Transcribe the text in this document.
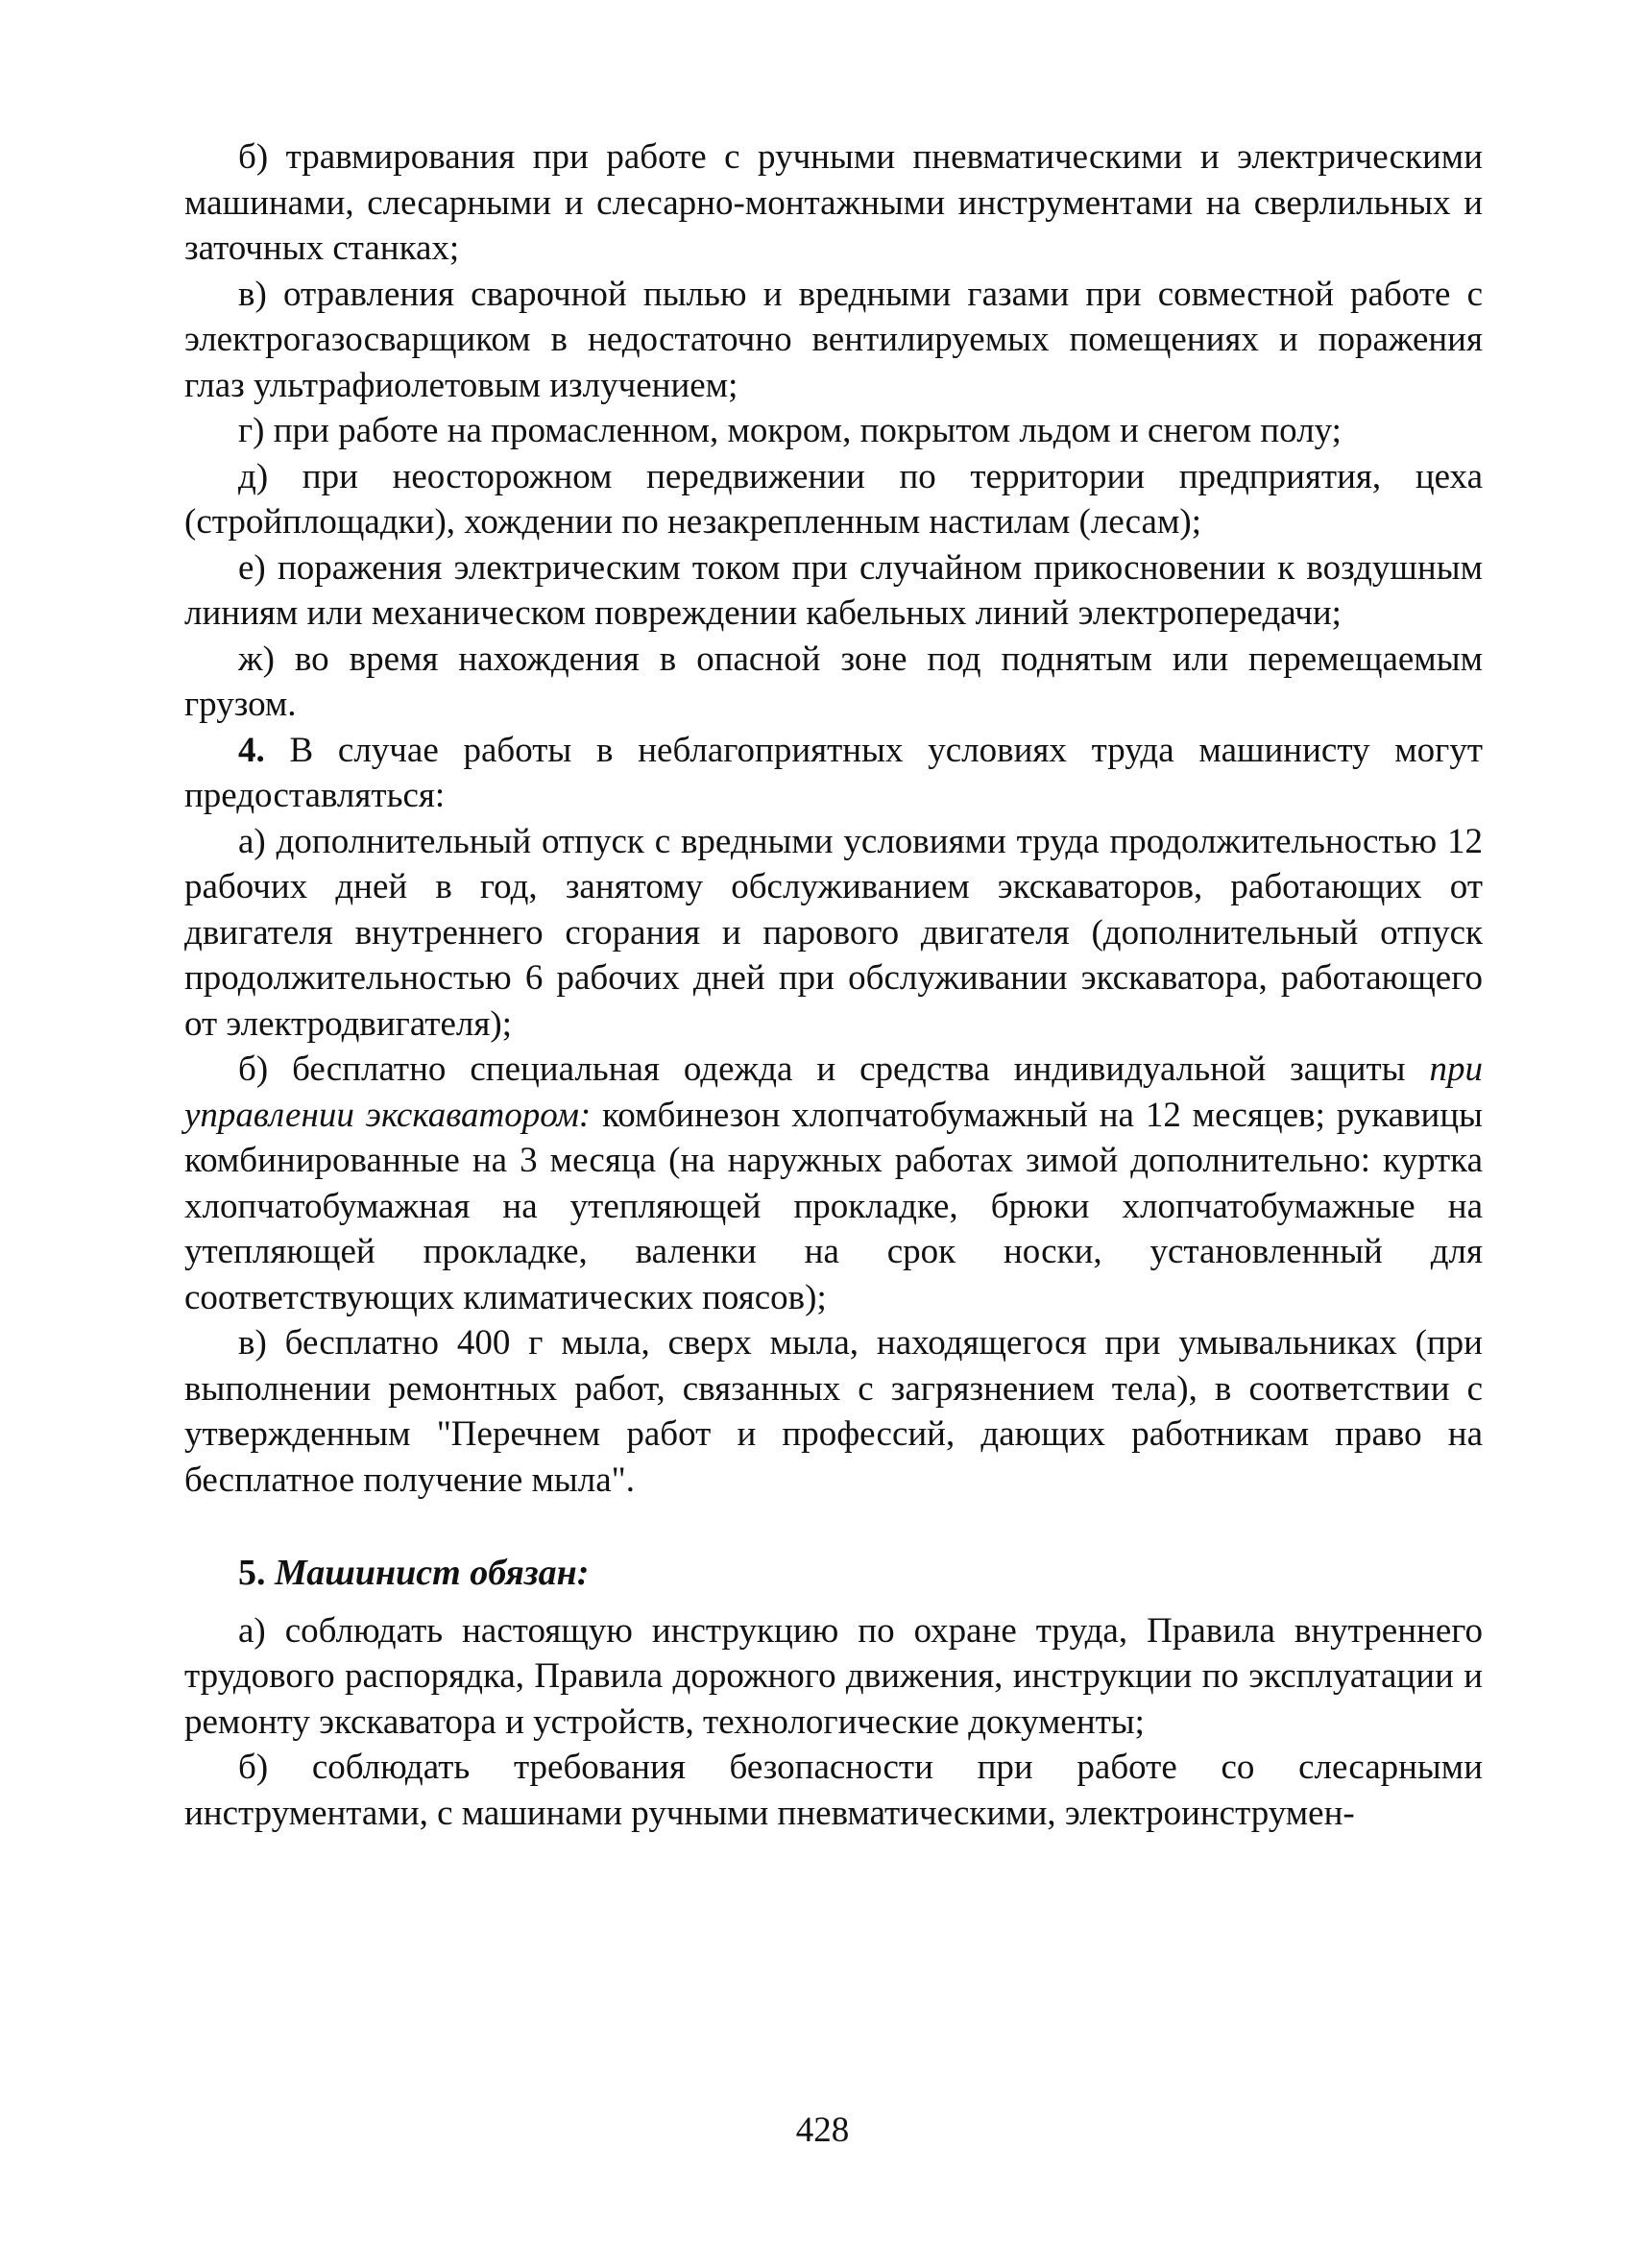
б) травмирования при работе с ручными пневматическими и электрическими машинами, слесарными и слесарно-монтажными инструментами на сверлильных и заточных станках;

в) отравления сварочной пылью и вредными газами при совместной работе с электрогазосварщиком в недостаточно вентилируемых помещениях и поражения глаз ультрафиолетовым излучением;

г) при работе на промасленном, мокром, покрытом льдом и снегом полу;

д) при неосторожном передвижении по территории предприятия, цеха (стройплощадки), хождении по незакрепленным настилам (лесам);

е) поражения электрическим током при случайном прикосновении к воздушным линиям или механическом повреждении кабельных линий электропередачи;

ж) во время нахождения в опасной зоне под поднятым или перемещаемым грузом.

4. В случае работы в неблагоприятных условиях труда машинисту могут предоставляться:

а) дополнительный отпуск с вредными условиями труда продолжительностью 12 рабочих дней в год, занятому обслуживанием экскаваторов, работающих от двигателя внутреннего сгорания и парового двигателя (дополнительный отпуск продолжительностью 6 рабочих дней при обслуживании экскаватора, работающего от электродвигателя);

б) бесплатно специальная одежда и средства индивидуальной защиты при управлении экскаватором: комбинезон хлопчатобумажный на 12 месяцев; рукавицы комбинированные на 3 месяца (на наружных работах зимой дополнительно: куртка хлопчатобумажная на утепляющей прокладке, брюки хлопчатобумажные на утепляющей прокладке, валенки на срок носки, установленный для соответствующих климатических поясов);

в) бесплатно 400 г мыла, сверх мыла, находящегося при умывальниках (при выполнении ремонтных работ, связанных с загрязнением тела), в соответствии с утвержденным "Перечнем работ и профессий, дающих работникам право на бесплатное получение мыла".

5. Машинист обязан:

а) соблюдать настоящую инструкцию по охране труда, Правила внутреннего трудового распорядка, Правила дорожного движения, инструкции по эксплуатации и ремонту экскаватора и устройств, технологические документы;

б) соблюдать требования безопасности при работе со слесарными инструментами, с машинами ручными пневматическими, электроинструмен-

428
